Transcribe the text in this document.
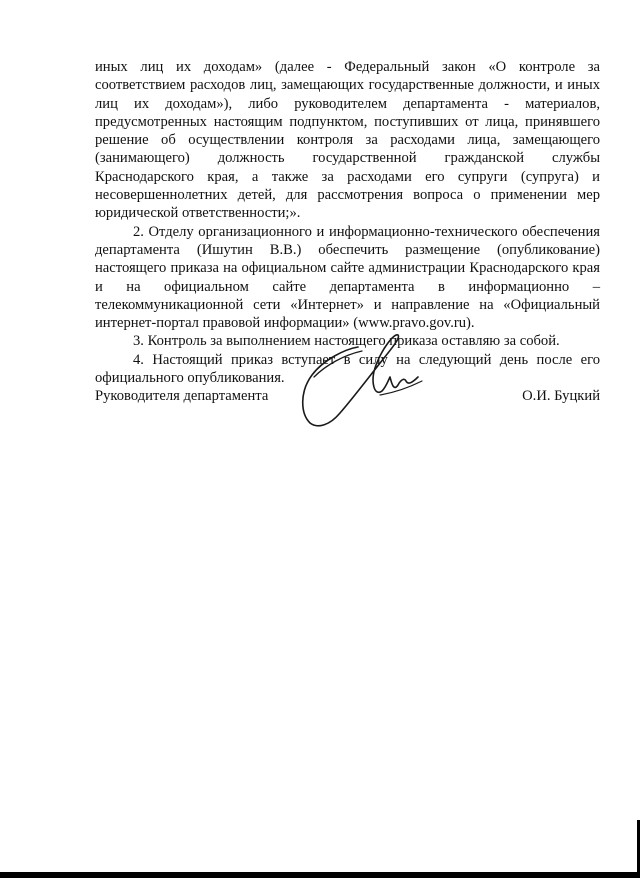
иных лиц их доходам» (далее - Федеральный закон «О контроле за соответствием расходов лиц, замещающих государственные должности, и иных лиц их доходам»), либо руководителем департамента - материалов, предусмотренных настоящим подпунктом, поступивших от лица, принявшего решение об осуществлении контроля за расходами лица, замещающего (занимающего) должность государственной гражданской службы Краснодарского края, а также за расходами его супруги (супруга) и несовершеннолетних детей, для рассмотрения вопроса о применении мер юридической ответственности;».

2. Отделу организационного и информационно-технического обеспечения департамента (Ишутин В.В.) обеспечить размещение (опубликование) настоящего приказа на официальном сайте администрации Краснодарского края и на официальном сайте департамента в информационно – телекоммуникационной сети «Интернет» и направление на «Официальный интернет-портал правовой информации» (www.pravo.gov.ru).

3. Контроль за выполнением настоящего приказа оставляю за собой.

4. Настоящий приказ вступает в силу на следующий день после его официального опубликования.

Руководителя департамента	О.И. Буцкий
